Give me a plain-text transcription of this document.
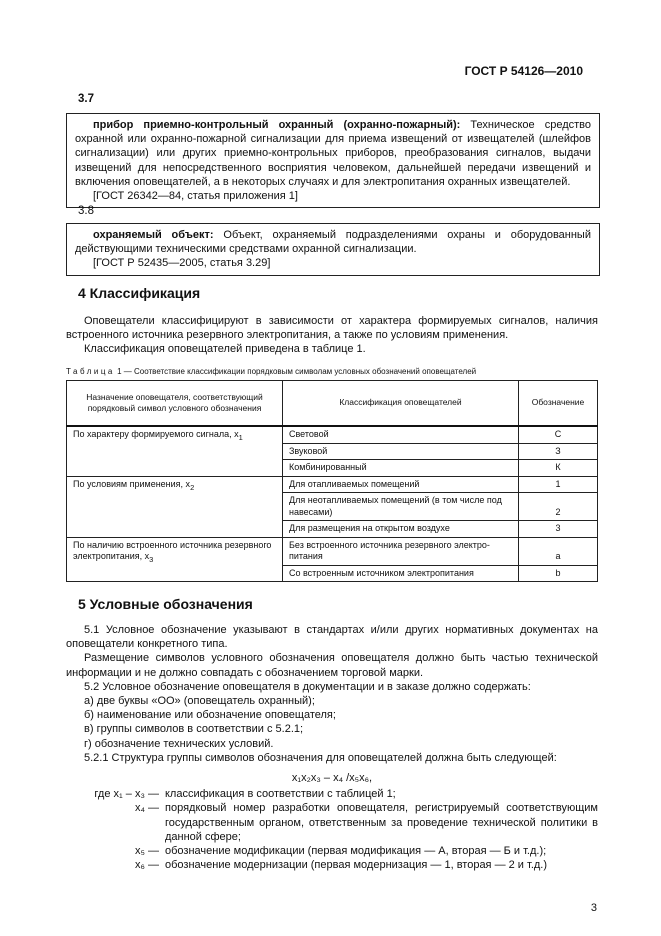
ГОСТ Р 54126—2010
3.7

прибор приемно-контрольный охранный (охранно-пожарный): Техническое средство охранной или охранно-пожарной сигнализации для приема извещений от извещателей (шлейфов сигнализации) или других приемно-контрольных приборов, преобразования сигналов, выдачи извещений для непосредственного восприятия человеком, дальнейшей передачи извещений и включения оповещателей, а в некоторых случаях и для электропитания охранных извещателей.

[ГОСТ 26342—84, статья приложения 1]

3.8

охраняемый объект: Объект, охраняемый подразделениями охраны и оборудованный действующими техническими средствами охранной сигнализации.

[ГОСТ Р 52435—2005, статья 3.29]

4 Классификация

Оповещатели классифицируют в зависимости от характера формируемых сигналов, наличия встроенного источника резервного электропитания, а также по условиям применения.

Классификация оповещателей приведена в таблице 1.

Таблица 1 — Соответствие классификации порядковым символам условных обозначений оповещателей
Назначение оповещателя, соответствующий порядковый символ условного обозначения	Классификация оповещателей	Обозначение
По характеру формируемого сигнала, $x_1$	Световой	С
	Звуковой	З
	Комбинированный	К
По условиям применения, $x_2$	Для отапливаемых помещений	1
	Для неотапливаемых помещений (в том числе под навесами)	2
	Для размещения на открытом воздухе	3
По наличию встроенного источника резервного электропитания, $x_3$	Без встроенного источника резервного электро-питания	a
	Со встроенным источником электропитания	b
5 Условные обозначения

5.1 Условное обозначение указывают в стандартах и/или других нормативных документах на оповещатели конкретного типа.

Размещение символов условного обозначения оповещателя должно быть частью технической информации и не должно совпадать с обозначением торговой марки.

5.2 Условное обозначение оповещателя в документации и в заказе должно содержать:

а) две буквы «ОО» (оповещатель охранный);

б) наименование или обозначение оповещателя;

в) группы символов в соответствии с 5.2.1;

г) обозначение технических условий.

5.2.1 Структура группы символов обозначения для оповещателей должна быть следующей:

x₁x₂x₃ – x₄ /x₅x₆,

где x₁ – x₃ — классификация в соответствии с таблицей 1;
x₄ — порядковый номер разработки оповещателя, регистрируемый соответствующим государственным органом, ответственным за проведение технической политики в данной сфере;
x₅ — обозначение модификации (первая модификация — А, вторая — Б и т.д.);
x₆ — обозначение модернизации (первая модернизация — 1, вторая — 2 и т.д.)
3
